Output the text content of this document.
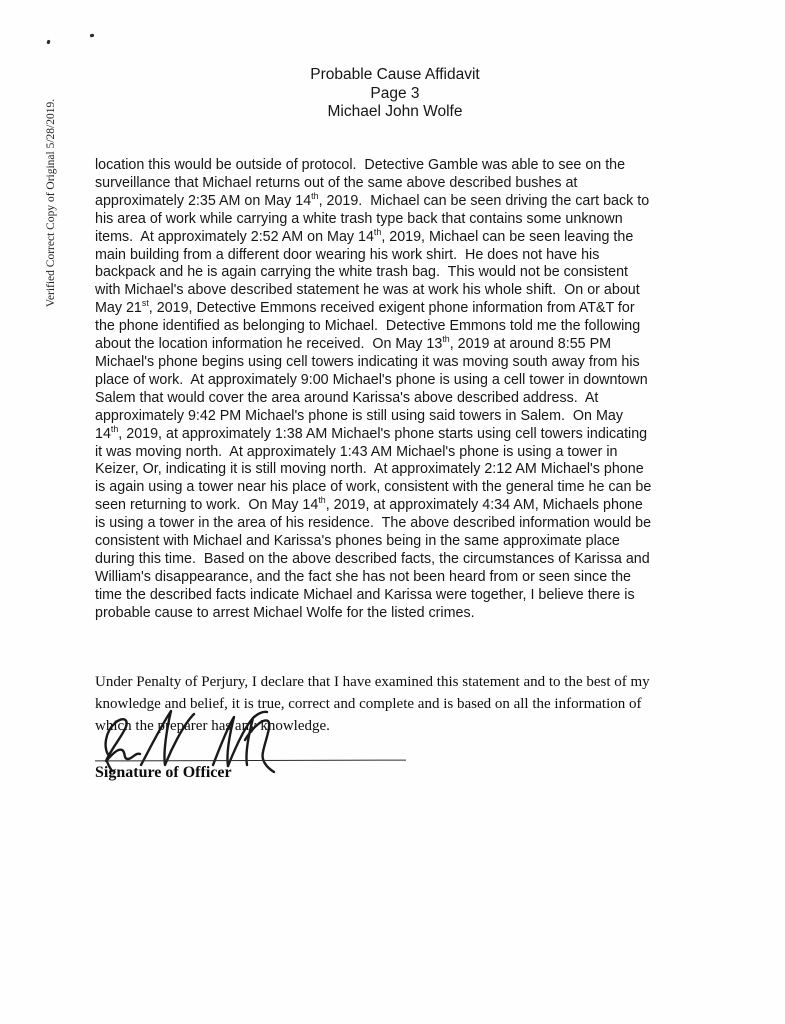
Verified Correct Copy of Original 5/28/2019.
Probable Cause Affidavit
Page 3
Michael John Wolfe
location this would be outside of protocol.  Detective Gamble was able to see on the
surveillance that Michael returns out of the same above described bushes at
approximately 2:35 AM on May 14th, 2019.  Michael can be seen driving the cart back to
his area of work while carrying a white trash type back that contains some unknown
items.  At approximately 2:52 AM on May 14th, 2019, Michael can be seen leaving the
main building from a different door wearing his work shirt.  He does not have his
backpack and he is again carrying the white trash bag.  This would not be consistent
with Michael's above described statement he was at work his whole shift.  On or about
May 21st, 2019, Detective Emmons received exigent phone information from AT&T for
the phone identified as belonging to Michael.  Detective Emmons told me the following
about the location information he received.  On May 13th, 2019 at around 8:55 PM
Michael's phone begins using cell towers indicating it was moving south away from his
place of work.  At approximately 9:00 Michael's phone is using a cell tower in downtown
Salem that would cover the area around Karissa's above described address.  At
approximately 9:42 PM Michael's phone is still using said towers in Salem.  On May
14th, 2019, at approximately 1:38 AM Michael's phone starts using cell towers indicating
it was moving north.  At approximately 1:43 AM Michael's phone is using a tower in
Keizer, Or, indicating it is still moving north.  At approximately 2:12 AM Michael's phone
is again using a tower near his place of work, consistent with the general time he can be
seen returning to work.  On May 14th, 2019, at approximately 4:34 AM, Michaels phone
is using a tower in the area of his residence.  The above described information would be
consistent with Michael and Karissa's phones being in the same approximate place
during this time.  Based on the above described facts, the circumstances of Karissa and
William's disappearance, and the fact she has not been heard from or seen since the
time the described facts indicate Michael and Karissa were together, I believe there is
probable cause to arrest Michael Wolfe for the listed crimes.
Under Penalty of Perjury, I declare that I have examined this statement and to the best of my
knowledge and belief, it is true, correct and complete and is based on all the information of
which the preparer has any knowledge.
Signature of Officer
